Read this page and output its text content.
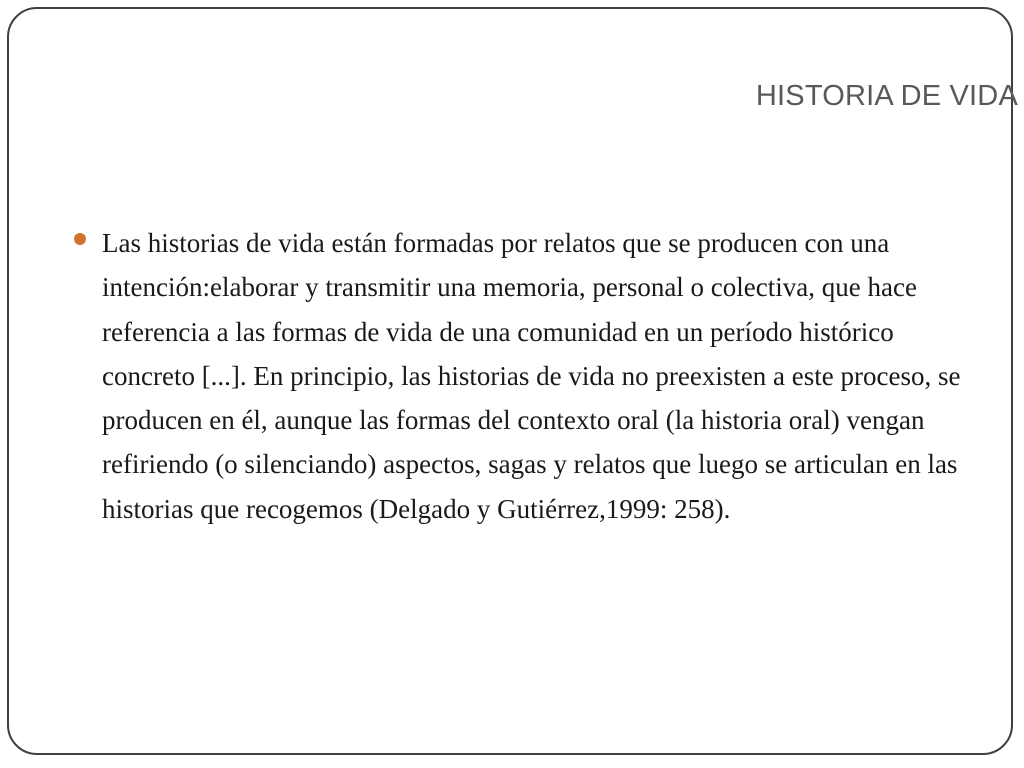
HISTORIA DE VIDA
Las historias de vida están formadas por relatos que se producen con una intención:elaborar y transmitir una memoria, personal o colectiva, que hace referencia a las formas de vida de una comunidad en un período histórico concreto [...]. En principio, las historias de vida no preexisten a este proceso, se producen en él, aunque las formas del contexto oral (la historia oral) vengan refiriendo (o silenciando) aspectos, sagas y relatos que luego se articulan en las historias que recogemos (Delgado y Gutiérrez,1999: 258).
